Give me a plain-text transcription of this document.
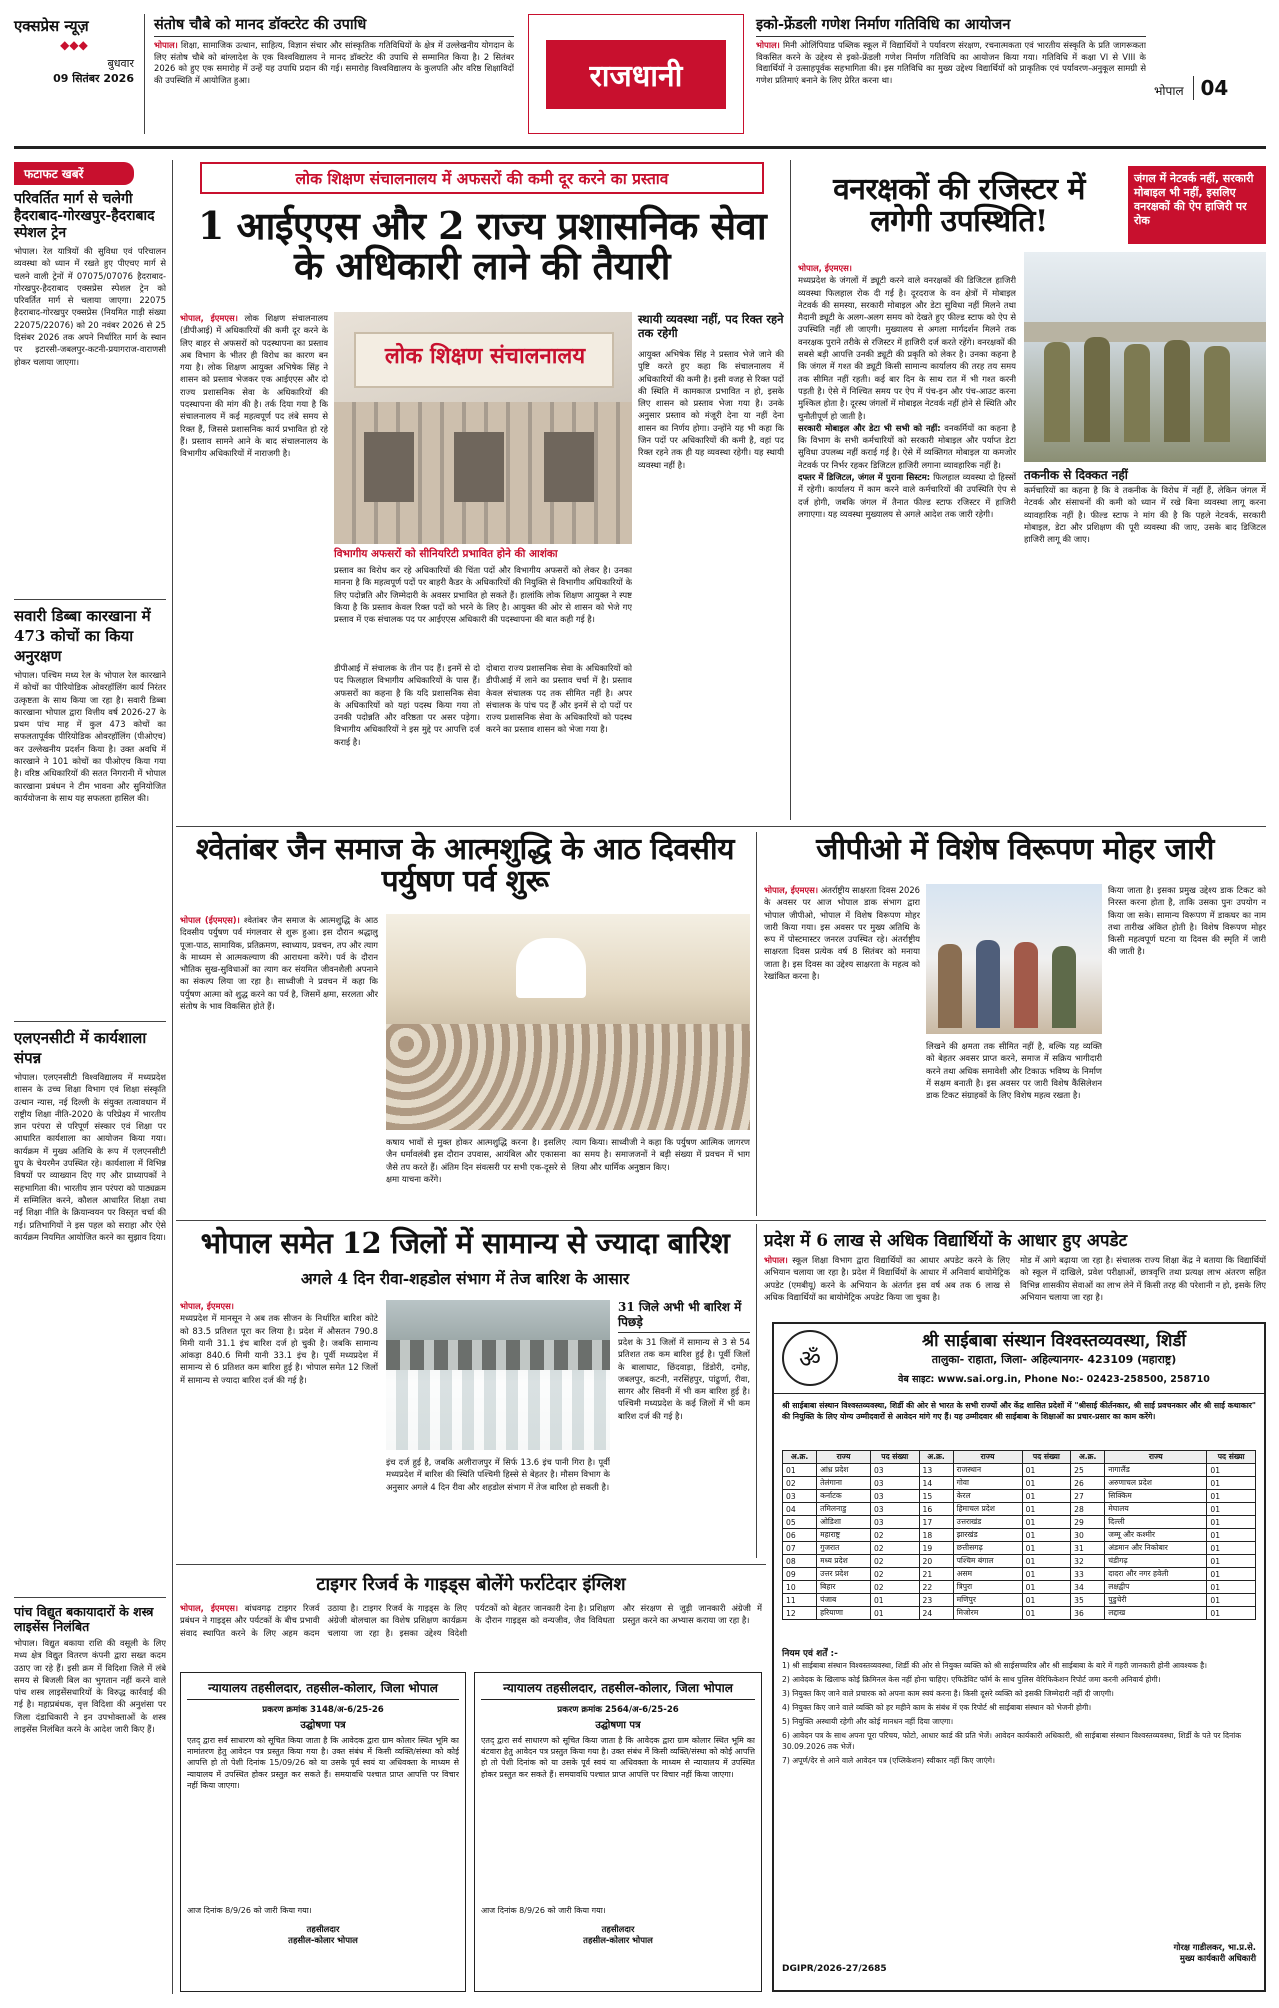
एक्सप्रेस न्यूज़
◆◆◆
बुधवार
09 सितंबर 2026
संतोष चौबे को मानद डॉक्टरेट की उपाधि
भोपाल। शिक्षा, सामाजिक उत्थान, साहित्य, विज्ञान संचार और सांस्कृतिक गतिविधियों के क्षेत्र में उल्लेखनीय योगदान के लिए संतोष चौबे को बांग्लादेश के एक विश्वविद्यालय ने मानद डॉक्टरेट की उपाधि से सम्मानित किया है। 2 सितंबर 2026 को हुए एक समारोह में उन्हें यह उपाधि प्रदान की गई। समारोह विश्वविद्यालय के कुलपति और वरिष्ठ शिक्षाविदों की उपस्थिति में आयोजित हुआ।	राजधानी
इको-फ्रेंडली गणेश निर्माण गतिविधि का आयोजन
भोपाल। मिनी ओलिंपियाड पब्लिक स्कूल में विद्यार्थियों ने पर्यावरण संरक्षण, रचनात्मकता एवं भारतीय संस्कृति के प्रति जागरूकता विकसित करने के उद्देश्य से इको-फ्रेंडली गणेश निर्माण गतिविधि का आयोजन किया गया। गतिविधि में कक्षा VI से VIII के विद्यार्थियों ने उत्साहपूर्वक सहभागिता की। इस गतिविधि का मुख्य उद्देश्य विद्यार्थियों को प्राकृतिक एवं पर्यावरण-अनुकूल सामग्री से गणेश प्रतिमाएं बनाने के लिए प्रेरित करना था।
भोपाल 04
फटाफट खबरें
परिवर्तित मार्ग से चलेगी हैदराबाद-गोरखपुर-हैदराबाद स्पेशल ट्रेन
भोपाल। रेल यात्रियों की सुविधा एवं परिचालन व्यवस्था को ध्यान में रखते हुए पीएचए मार्ग से चलने वाली ट्रेनों में 07075/07076 हैदराबाद-गोरखपुर-हैदराबाद एक्सप्रेस स्पेशल ट्रेन को परिवर्तित मार्ग से चलाया जाएगा। 22075 हैदराबाद-गोरखपुर एक्सप्रेस (नियमित गाड़ी संख्या 22075/22076) को 20 नवंबर 2026 से 25 दिसंबर 2026 तक अपने निर्धारित मार्ग के स्थान पर इटारसी-जबलपुर-कटनी-प्रयागराज-वाराणसी होकर चलाया जाएगा।
सवारी डिब्बा कारखाना में 473 कोचों का किया अनुरक्षण
भोपाल। पश्चिम मध्य रेल के भोपाल रेल कारखाने में कोचों का पीरियोडिक ओवरहॉलिंग कार्य निरंतर उत्कृष्टता के साथ किया जा रहा है। सवारी डिब्बा कारखाना भोपाल द्वारा वित्तीय वर्ष 2026-27 के प्रथम पांच माह में कुल 473 कोचों का सफलतापूर्वक पीरियोडिक ओवरहॉलिंग (पीओएच) कर उल्लेखनीय प्रदर्शन किया है। उक्त अवधि में कारखाने ने 101 कोचों का पीओएच किया गया है। वरिष्ठ अधिकारियों की सतत निगरानी में भोपाल कारखाना प्रबंधन ने टीम भावना और सुनियोजित कार्ययोजना के साथ यह सफलता हासिल की।
एलएनसीटी में कार्यशाला संपन्न
भोपाल। एलएनसीटी विश्वविद्यालय में मध्यप्रदेश शासन के उच्च शिक्षा विभाग एवं शिक्षा संस्कृति उत्थान न्यास, नई दिल्ली के संयुक्त तत्वावधान में राष्ट्रीय शिक्षा नीति-2020 के परिप्रेक्ष्य में भारतीय ज्ञान परंपरा से परिपूर्ण संस्कार एवं शिक्षा पर आधारित कार्यशाला का आयोजन किया गया। कार्यक्रम में मुख्य अतिथि के रूप में एलएनसीटी ग्रुप के चेयरमैन उपस्थित रहे। कार्यशाला में विभिन्न विषयों पर व्याख्यान दिए गए और प्राध्यापकों ने सहभागिता की। भारतीय ज्ञान परंपरा को पाठ्यक्रम में सम्मिलित करने, कौशल आधारित शिक्षा तथा नई शिक्षा नीति के क्रियान्वयन पर विस्तृत चर्चा की गई। प्रतिभागियों ने इस पहल को सराहा और ऐसे कार्यक्रम नियमित आयोजित करने का सुझाव दिया।
पांच विद्युत बकायादारों के शस्त्र लाइसेंस निलंबित
भोपाल। विद्युत बकाया राशि की वसूली के लिए मध्य क्षेत्र विद्युत वितरण कंपनी द्वारा सख्त कदम उठाए जा रहे हैं। इसी क्रम में विदिशा जिले में लंबे समय से बिजली बिल का भुगतान नहीं करने वाले पांच शस्त्र लाइसेंसधारियों के विरुद्ध कार्रवाई की गई है। महाप्रबंधक, वृत्त विदिशा की अनुशंसा पर जिला दंडाधिकारी ने इन उपभोक्ताओं के शस्त्र लाइसेंस निलंबित करने के आदेश जारी किए हैं।
लोक शिक्षण संचालनालय में अफसरों की कमी दूर करने का प्रस्ताव
1 आईएएस और 2 राज्य प्रशासनिक सेवा के अधिकारी लाने की तैयारी
भोपाल, ईएमएस। लोक शिक्षण संचालनालय (डीपीआई) में अधिकारियों की कमी दूर करने के लिए बाहर से अफसरों को पदस्थापना का प्रस्ताव अब विभाग के भीतर ही विरोध का कारण बन गया है। लोक शिक्षण आयुक्त अभिषेक सिंह ने शासन को प्रस्ताव भेजकर एक आईएएस और दो राज्य प्रशासनिक सेवा के अधिकारियों की पदस्थापना की मांग की है। तर्क दिया गया है कि संचालनालय में कई महत्वपूर्ण पद लंबे समय से रिक्त हैं, जिससे प्रशासनिक कार्य प्रभावित हो रहे हैं। प्रस्ताव सामने आने के बाद संचालनालय के विभागीय अधिकारियों में नाराजगी है।
लोक शिक्षण संचालनालय
विभागीय अफसरों को सीनियरिटी प्रभावित होने की आशंका
प्रस्ताव का विरोध कर रहे अधिकारियों की चिंता पदों और विभागीय अफसरों को लेकर है। उनका मानना है कि महत्वपूर्ण पदों पर बाहरी कैडर के अधिकारियों की नियुक्ति से विभागीय अधिकारियों के लिए पदोन्नति और जिम्मेदारी के अवसर प्रभावित हो सकते हैं। हालांकि लोक शिक्षण आयुक्त ने स्पष्ट किया है कि प्रस्ताव केवल रिक्त पदों को भरने के लिए है। आयुक्त की ओर से शासन को भेजे गए प्रस्ताव में एक संचालक पद पर आईएएस अधिकारी की पदस्थापना की बात कही गई है।
डीपीआई में संचालक के तीन पद हैं। इनमें से दो पद फिलहाल विभागीय अधिकारियों के पास हैं। अफसरों का कहना है कि यदि प्रशासनिक सेवा के अधिकारियों को यहां पदस्थ किया गया तो उनकी पदोन्नति और वरिष्ठता पर असर पड़ेगा। विभागीय अधिकारियों ने इस मुद्दे पर आपत्ति दर्ज कराई है।
दोबारा राज्य प्रशासनिक सेवा के अधिकारियों को डीपीआई में लाने का प्रस्ताव चर्चा में है। प्रस्ताव केवल संचालक पद तक सीमित नहीं है। अपर संचालक के पांच पद हैं और इनमें से दो पदों पर राज्य प्रशासनिक सेवा के अधिकारियों को पदस्थ करने का प्रस्ताव शासन को भेजा गया है।
स्थायी व्यवस्था नहीं, पद रिक्त रहने तक रहेगी
आयुक्त अभिषेक सिंह ने प्रस्ताव भेजे जाने की पुष्टि करते हुए कहा कि संचालनालय में अधिकारियों की कमी है। इसी वजह से रिक्त पदों की स्थिति में कामकाज प्रभावित न हो, इसके लिए शासन को प्रस्ताव भेजा गया है। उनके अनुसार प्रस्ताव को मंजूरी देना या नहीं देना शासन का निर्णय होगा। उन्होंने यह भी कहा कि जिन पदों पर अधिकारियों की कमी है, वहां पद रिक्त रहने तक ही यह व्यवस्था रहेगी। यह स्थायी व्यवस्था नहीं है।
वनरक्षकों की रजिस्टर में लगेगी उपस्थिति!
जंगल में नेटवर्क नहीं, सरकारी मोबाइल भी नहीं, इसलिए वनरक्षकों की ऐप हाजिरी पर रोक
भोपाल, ईएमएस।
मध्यप्रदेश के जंगलों में ड्यूटी करने वाले वनरक्षकों की डिजिटल हाजिरी व्यवस्था फिलहाल रोक दी गई है। दूरदराज के वन क्षेत्रों में मोबाइल नेटवर्क की समस्या, सरकारी मोबाइल और डेटा सुविधा नहीं मिलने तथा मैदानी ड्यूटी के अलग-अलग समय को देखते हुए फील्ड स्टाफ को ऐप से उपस्थिति नहीं ली जाएगी। मुख्यालय से अगला मार्गदर्शन मिलने तक वनरक्षक पुराने तरीके से रजिस्टर में हाजिरी दर्ज करते रहेंगे। वनरक्षकों की सबसे बड़ी आपत्ति उनकी ड्यूटी की प्रकृति को लेकर है। उनका कहना है कि जंगल में गश्त की ड्यूटी किसी सामान्य कार्यालय की तरह तय समय तक सीमित नहीं रहती। कई बार दिन के साथ रात में भी गश्त करनी पड़ती है। ऐसे में निश्चित समय पर ऐप में पंच-इन और पंच-आउट करना मुश्किल होता है। दूरस्थ जंगलों में मोबाइल नेटवर्क नहीं होने से स्थिति और चुनौतीपूर्ण हो जाती है।
सरकारी मोबाइल और डेटा भी सभी को नहीं: वनकर्मियों का कहना है कि विभाग के सभी कर्मचारियों को सरकारी मोबाइल और पर्याप्त डेटा सुविधा उपलब्ध नहीं कराई गई है। ऐसे में व्यक्तिगत मोबाइल या कमजोर नेटवर्क पर निर्भर रहकर डिजिटल हाजिरी लगाना व्यावहारिक नहीं है।
दफ्तर में डिजिटल, जंगल में पुराना सिस्टम: फिलहाल व्यवस्था दो हिस्सों में रहेगी। कार्यालय में काम करने वाले कर्मचारियों की उपस्थिति ऐप से दर्ज होगी, जबकि जंगल में तैनात फील्ड स्टाफ रजिस्टर में हाजिरी लगाएगा। यह व्यवस्था मुख्यालय से अगले आदेश तक जारी रहेगी।
तकनीक से दिक्कत नहीं
कर्मचारियों का कहना है कि वे तकनीक के विरोध में नहीं हैं, लेकिन जंगल में नेटवर्क और संसाधनों की कमी को ध्यान में रखे बिना व्यवस्था लागू करना व्यावहारिक नहीं है। फील्ड स्टाफ ने मांग की है कि पहले नेटवर्क, सरकारी मोबाइल, डेटा और प्रशिक्षण की पूरी व्यवस्था की जाए, उसके बाद डिजिटल हाजिरी लागू की जाए।
श्वेतांबर जैन समाज के आत्मशुद्धि के आठ दिवसीय पर्युषण पर्व शुरू
भोपाल (ईएमएस)। श्वेतांबर जैन समाज के आत्मशुद्धि के आठ दिवसीय पर्युषण पर्व मंगलवार से शुरू हुआ। इस दौरान श्रद्धालु पूजा-पाठ, सामायिक, प्रतिक्रमण, स्वाध्याय, प्रवचन, तप और त्याग के माध्यम से आत्मकल्याण की आराधना करेंगे। पर्व के दौरान भौतिक सुख-सुविधाओं का त्याग कर संयमित जीवनशैली अपनाने का संकल्प लिया जा रहा है। साध्वीजी ने प्रवचन में कहा कि पर्युषण आत्मा को शुद्ध करने का पर्व है, जिसमें क्षमा, सरलता और संतोष के भाव विकसित होते हैं।
कषाय भावों से मुक्त होकर आत्मशुद्धि करना है। इसलिए जैन धर्मावलंबी इस दौरान उपवास, आयंबिल और एकासना जैसे तप करते हैं। अंतिम दिन संवत्सरी पर सभी एक-दूसरे से क्षमा याचना करेंगे।
त्याग किया। साध्वीजी ने कहा कि पर्युषण आत्मिक जागरण का समय है। समाजजनों ने बड़ी संख्या में प्रवचन में भाग लिया और धार्मिक अनुष्ठान किए।
जीपीओ में विशेष विरूपण मोहर जारी
भोपाल, ईएमएस। अंतर्राष्ट्रीय साक्षरता दिवस 2026 के अवसर पर आज भोपाल डाक संभाग द्वारा भोपाल जीपीओ, भोपाल में विशेष विरूपण मोहर जारी किया गया। इस अवसर पर मुख्य अतिथि के रूप में पोस्टमास्टर जनरल उपस्थित रहे। अंतर्राष्ट्रीय साक्षरता दिवस प्रत्येक वर्ष 8 सितंबर को मनाया जाता है। इस दिवस का उद्देश्य साक्षरता के महत्व को रेखांकित करना है।
लिखने की क्षमता तक सीमित नहीं है, बल्कि यह व्यक्ति को बेहतर अवसर प्राप्त करने, समाज में सक्रिय भागीदारी करने तथा अधिक समावेशी और टिकाऊ भविष्य के निर्माण में सक्षम बनाती है। इस अवसर पर जारी विशेष कैंसिलेशन डाक टिकट संग्राहकों के लिए विशेष महत्व रखता है।
किया जाता है। इसका प्रमुख उद्देश्य डाक टिकट को निरस्त करना होता है, ताकि उसका पुनः उपयोग न किया जा सके। सामान्य विरूपण में डाकघर का नाम तथा तारीख अंकित होती है। विशेष विरूपण मोहर किसी महत्वपूर्ण घटना या दिवस की स्मृति में जारी की जाती है।
भोपाल समेत 12 जिलों में सामान्य से ज्यादा बारिश
अगले 4 दिन रीवा-शहडोल संभाग में तेज बारिश के आसार
भोपाल, ईएमएस।
मध्यप्रदेश में मानसून ने अब तक सीजन के निर्धारित बारिश कोटे को 83.5 प्रतिशत पूरा कर लिया है। प्रदेश में औसतन 790.8 मिमी यानी 31.1 इंच बारिश दर्ज हो चुकी है। जबकि सामान्य आंकड़ा 840.6 मिमी यानी 33.1 इंच है। पूर्वी मध्यप्रदेश में सामान्य से 6 प्रतिशत कम बारिश हुई है। भोपाल समेत 12 जिलों में सामान्य से ज्यादा बारिश दर्ज की गई है।
इंच दर्ज हुई है, जबकि अलीराजपुर में सिर्फ 13.6 इंच पानी गिरा है। पूर्वी मध्यप्रदेश में बारिश की स्थिति पश्चिमी हिस्से से बेहतर है। मौसम विभाग के अनुसार अगले 4 दिन रीवा और शहडोल संभाग में तेज बारिश हो सकती है।
31 जिले अभी भी बारिश में पिछड़े
प्रदेश के 31 जिलों में सामान्य से 3 से 54 प्रतिशत तक कम बारिश हुई है। पूर्वी जिलों के बालाघाट, छिंदवाड़ा, डिंडोरी, दमोह, जबलपुर, कटनी, नरसिंहपुर, पांढुर्णा, रीवा, सागर और सिवनी में भी कम बारिश हुई है। पश्चिमी मध्यप्रदेश के कई जिलों में भी कम बारिश दर्ज की गई है।
प्रदेश में 6 लाख से अधिक विद्यार्थियों के आधार हुए अपडेट
भोपाल। स्कूल शिक्षा विभाग द्वारा विद्यार्थियों का आधार अपडेट करने के लिए अभियान चलाया जा रहा है। प्रदेश में विद्यार्थियों के आधार में अनिवार्य बायोमेट्रिक अपडेट (एमबीयू) करने के अभियान के अंतर्गत इस वर्ष अब तक 6 लाख से अधिक विद्यार्थियों का बायोमेट्रिक अपडेट किया जा चुका है।
मोड में आगे बढ़ाया जा रहा है। संचालक राज्य शिक्षा केंद्र ने बताया कि विद्यार्थियों को स्कूल में दाखिले, प्रवेश परीक्षाओं, छात्रवृत्ति तथा प्रत्यक्ष लाभ अंतरण सहित विभिन्न शासकीय सेवाओं का लाभ लेने में किसी तरह की परेशानी न हो, इसके लिए अभियान चलाया जा रहा है।
ॐ
श्री साईबाबा संस्थान विश्वस्तव्यवस्था, शिर्डी
तालुका- राहाता, जिला- अहिल्यानगर- 423109 (महाराष्ट्र)
वेब साइट: www.sai.org.in, Phone No:- 02423-258500, 258710
श्री साईबाबा संस्थान विश्वस्तव्यवस्था, शिर्डी की ओर से भारत के सभी राज्यों और केंद्र शासित प्रदेशों में "श्रीसाई कीर्तनकार, श्री साई प्रवचनकार और श्री साई कथाकार" की नियुक्ति के लिए योग्य उम्मीदवारों से आवेदन मांगे गए हैं। यह उम्मीदवार श्री साईबाबा के शिक्षाओं का प्रचार-प्रसार का काम करेंगे।
अ.क्र.	राज्य	पद संख्या	अ.क्र.	राज्य	पद संख्या	अ.क्र.	राज्य	पद संख्या
01	आंध्र प्रदेश	03	13	राजस्थान	01	25	नागालैंड	01
02	तेलंगाना	03	14	गोवा	01	26	अरुणाचल प्रदेश	01
03	कर्नाटक	03	15	केरल	01	27	सिक्किम	01
04	तमिलनाडु	03	16	हिमाचल प्रदेश	01	28	मेघालय	01
05	ओडिशा	03	17	उत्तराखंड	01	29	दिल्ली	01
06	महाराष्ट्र	02	18	झारखंड	01	30	जम्मू और कश्मीर	01
07	गुजरात	02	19	छत्तीसगढ़	01	31	अंडमान और निकोबार	01
08	मध्य प्रदेश	02	20	पश्चिम बंगाल	01	32	चंडीगढ़	01
09	उत्तर प्रदेश	02	21	असम	01	33	दादरा और नगर हवेली	01
10	बिहार	02	22	त्रिपुरा	01	34	लक्षद्वीप	01
11	पंजाब	01	23	मणिपुर	01	35	पुडुचेरी	01
12	हरियाणा	01	24	मिजोरम	01	36	लद्दाख	01
नियम एवं शर्तें :-
1) श्री साईबाबा संस्थान विश्वस्तव्यवस्था, शिर्डी की ओर से नियुक्त व्यक्ति को श्री साईसच्चरित्र और श्री साईबाबा के बारे में गहरी जानकारी होनी आवश्यक है।
2) आवेदक के खिलाफ कोई क्रिमिनल केस नहीं होना चाहिए। एफिडेविट फॉर्म के साथ पुलिस वेरिफिकेशन रिपोर्ट जमा करनी अनिवार्य होगी।
3) नियुक्त किए जाने वाले प्रचारक को अपना काम स्वयं करना है। किसी दूसरे व्यक्ति को इसकी जिम्मेदारी नहीं दी जाएगी।
4) नियुक्त किए जाने वाले व्यक्ति को हर महीने काम के संबंध में एक रिपोर्ट श्री साईबाबा संस्थान को भेजनी होगी।
5) नियुक्ति अस्थायी रहेगी और कोई मानधन नहीं दिया जाएगा।
6) आवेदन पत्र के साथ अपना पूरा परिचय, फोटो, आधार कार्ड की प्रति भेजें। आवेदन कार्यकारी अधिकारी, श्री साईबाबा संस्थान विश्वस्तव्यवस्था, शिर्डी के पते पर दिनांक 30.09.2026 तक भेजें।
7) अपूर्ण/देर से आने वाले आवेदन पत्र (एप्लिकेशन) स्वीकार नहीं किए जाएंगे।
DGIPR/2026-27/2685
गोरक्ष गाडीलकर, भा.प्र.से.
मुख्य कार्यकारी अधिकारी
टाइगर रिजर्व के गाइड्स बोलेंगे फर्राटेदार इंग्लिश
भोपाल, ईएमएस। बांधवगढ़ टाइगर रिजर्व प्रबंधन ने गाइड्स और पर्यटकों के बीच प्रभावी संवाद स्थापित करने के लिए अहम कदम उठाया है। टाइगर रिजर्व के गाइड्स के लिए अंग्रेजी बोलचाल का विशेष प्रशिक्षण कार्यक्रम चलाया जा रहा है। इसका उद्देश्य विदेशी पर्यटकों को बेहतर जानकारी देना है। प्रशिक्षण के दौरान गाइड्स को वन्यजीव, जैव विविधता और संरक्षण से जुड़ी जानकारी अंग्रेजी में प्रस्तुत करने का अभ्यास कराया जा रहा है।
न्यायालय तहसीलदार, तहसील-कोलार, जिला भोपाल
प्रकरण क्रमांक 3148/अ-6/25-26
उद्घोषणा पत्र
एतद् द्वारा सर्व साधारण को सूचित किया जाता है कि आवेदक द्वारा ग्राम कोलार स्थित भूमि का नामांतरण हेतु आवेदन पत्र प्रस्तुत किया गया है। उक्त संबंध में किसी व्यक्ति/संस्था को कोई आपत्ति हो तो पेशी दिनांक 15/09/26 को या उसके पूर्व स्वयं या अधिवक्ता के माध्यम से न्यायालय में उपस्थित होकर प्रस्तुत कर सकते हैं। समयावधि पश्चात प्राप्त आपत्ति पर विचार नहीं किया जाएगा।
आज दिनांक 8/9/26 को जारी किया गया।
तहसीलदार
तहसील-कोलार भोपाल
न्यायालय तहसीलदार, तहसील-कोलार, जिला भोपाल
प्रकरण क्रमांक 2564/अ-6/25-26
उद्घोषणा पत्र
एतद् द्वारा सर्व साधारण को सूचित किया जाता है कि आवेदक द्वारा ग्राम कोलार स्थित भूमि का बंटवारा हेतु आवेदन पत्र प्रस्तुत किया गया है। उक्त संबंध में किसी व्यक्ति/संस्था को कोई आपत्ति हो तो पेशी दिनांक को या उसके पूर्व स्वयं या अधिवक्ता के माध्यम से न्यायालय में उपस्थित होकर प्रस्तुत कर सकते हैं। समयावधि पश्चात प्राप्त आपत्ति पर विचार नहीं किया जाएगा।
आज दिनांक 8/9/26 को जारी किया गया।
तहसीलदार
तहसील-कोलार भोपाल
